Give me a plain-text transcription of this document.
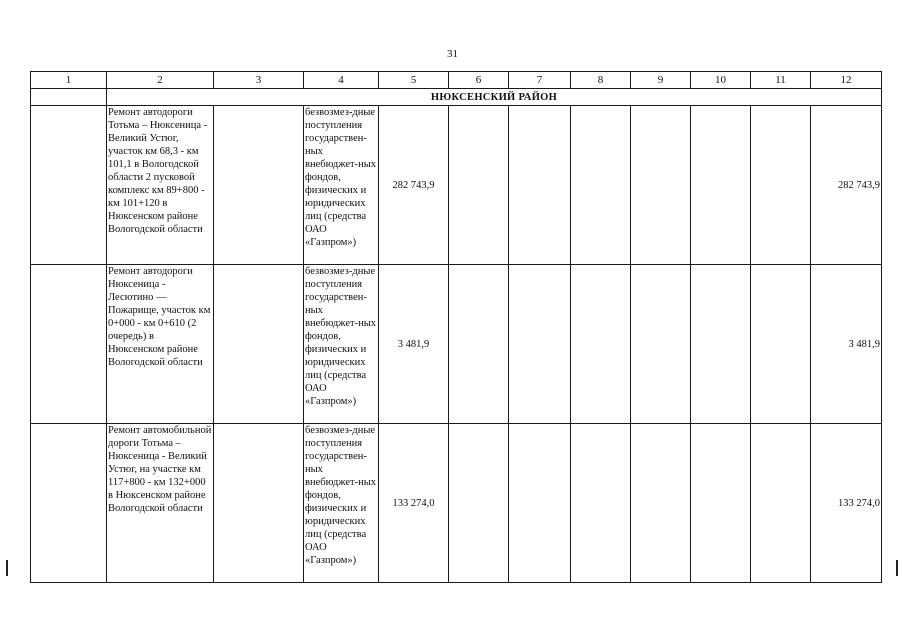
31
1	2	3	4	5	6	7	8	9	10	11	12
	НЮКСЕНСКИЙ РАЙОН										
	Ремонт автодороги Тотьма – Нюксеница - Великий Устюг, участок км 68,3 - км 101,1 в Вологодской области 2 пусковой комплекс км 89+800 - км 101+120 в Нюксенском районе Вологодской области		безвозмез-дные поступления государствен-ных внебюджет-ных фондов, физических и юридических лиц (средства ОАО «Газпром»)	282 743,9							282 743,9
	Ремонт автодороги Нюксеница - Лесютино — Пожарище, участок км 0+000 - км 0+610 (2 очередь) в Нюксенском районе Вологодской области		безвозмез-дные поступления государствен-ных внебюджет-ных фондов, физических и юридических лиц (средства ОАО «Газпром»)	3 481,9							3 481,9
	Ремонт автомобильной дороги Тотьма – Нюксеница - Великий Устюг, на участке км 117+800 - км 132+000 в Нюксенском районе Вологодской области		безвозмез-дные поступления государствен-ных внебюджет-ных фондов, физических и юридических лиц (средства ОАО «Газпром»)	133 274,0							133 274,0
